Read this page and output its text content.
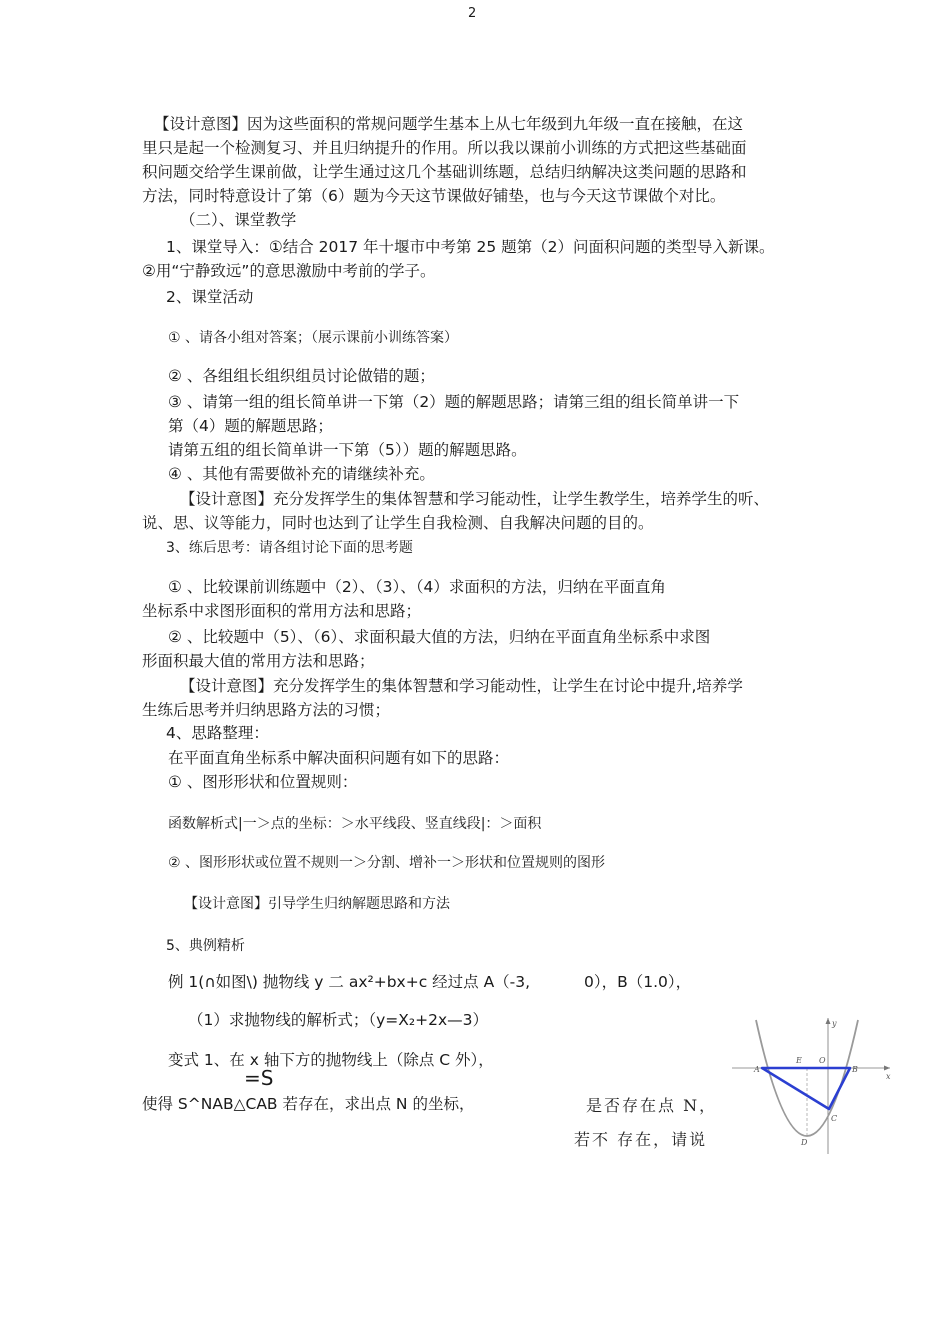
2
【设计意图】因为这些面积的常规问题学生基本上从七年级到九年级一直在接触，在这
里只是起一个检测复习、并且归纳提升的作用。所以我以课前小训练的方式把这些基础面
积问题交给学生课前做，让学生通过这几个基础训练题，总结归纳解决这类问题的思路和
方法，同时特意设计了第（6）题为今天这节课做好铺垫，也与今天这节课做个对比。
（二）、课堂教学
1、课堂导入：①结合 2017 年十堰市中考第 25 题第（2）问面积问题的类型导入新课。
②用“宁静致远”的意思激励中考前的学子。
2、课堂活动
① 、请各小组对答案；（展示课前小训练答案）
② 、各组组长组织组员讨论做错的题；
③ 、请第一组的组长简单讲一下第（2）题的解题思路；请第三组的组长简单讲一下
第（4）题的解题思路；
请第五组的组长简单讲一下第（5））题的解题思路。
④ 、其他有需要做补充的请继续补充。
【设计意图】充分发挥学生的集体智慧和学习能动性，让学生教学生，培养学生的听、
说、思、议等能力，同时也达到了让学生自我检测、自我解决问题的目的。
3、练后思考：请各组讨论下面的思考题
① 、比较课前训练题中（2）、（3）、（4）求面积的方法，归纳在平面直角
坐标系中求图形面积的常用方法和思路；
② 、比较题中（5）、（6）、求面积最大值的方法，归纳在平面直角坐标系中求图
形面积最大值的常用方法和思路；
【设计意图】充分发挥学生的集体智慧和学习能动性，让学生在讨论中提升,培养学
生练后思考并归纳思路方法的习惯；
4、思路整理：
在平面直角坐标系中解决面积问题有如下的思路：
① 、图形形状和位置规则：
函数解析式|一＞点的坐标：＞水平线段、竖直线段|：＞面积
② 、图形形状或位置不规则一＞分割、增补一＞形状和位置规则的图形
【设计意图】引导学生归纳解题思路和方法
5、典例精析
例 1(∩如图\) 抛物线 y 二 ax²+bx+c 经过点 A（-3,	0），B（1.0），
（1）求抛物线的解析式；（y=X₂+2x—3）
变式 1、在 x 轴下方的抛物线上（除点 C 外），
=S
使得 S^NAB△CAB 若存在，求出点 N 的坐标，	是否存在点 N，
若不 存在，请说
A
E O
B
C
D
x
y
